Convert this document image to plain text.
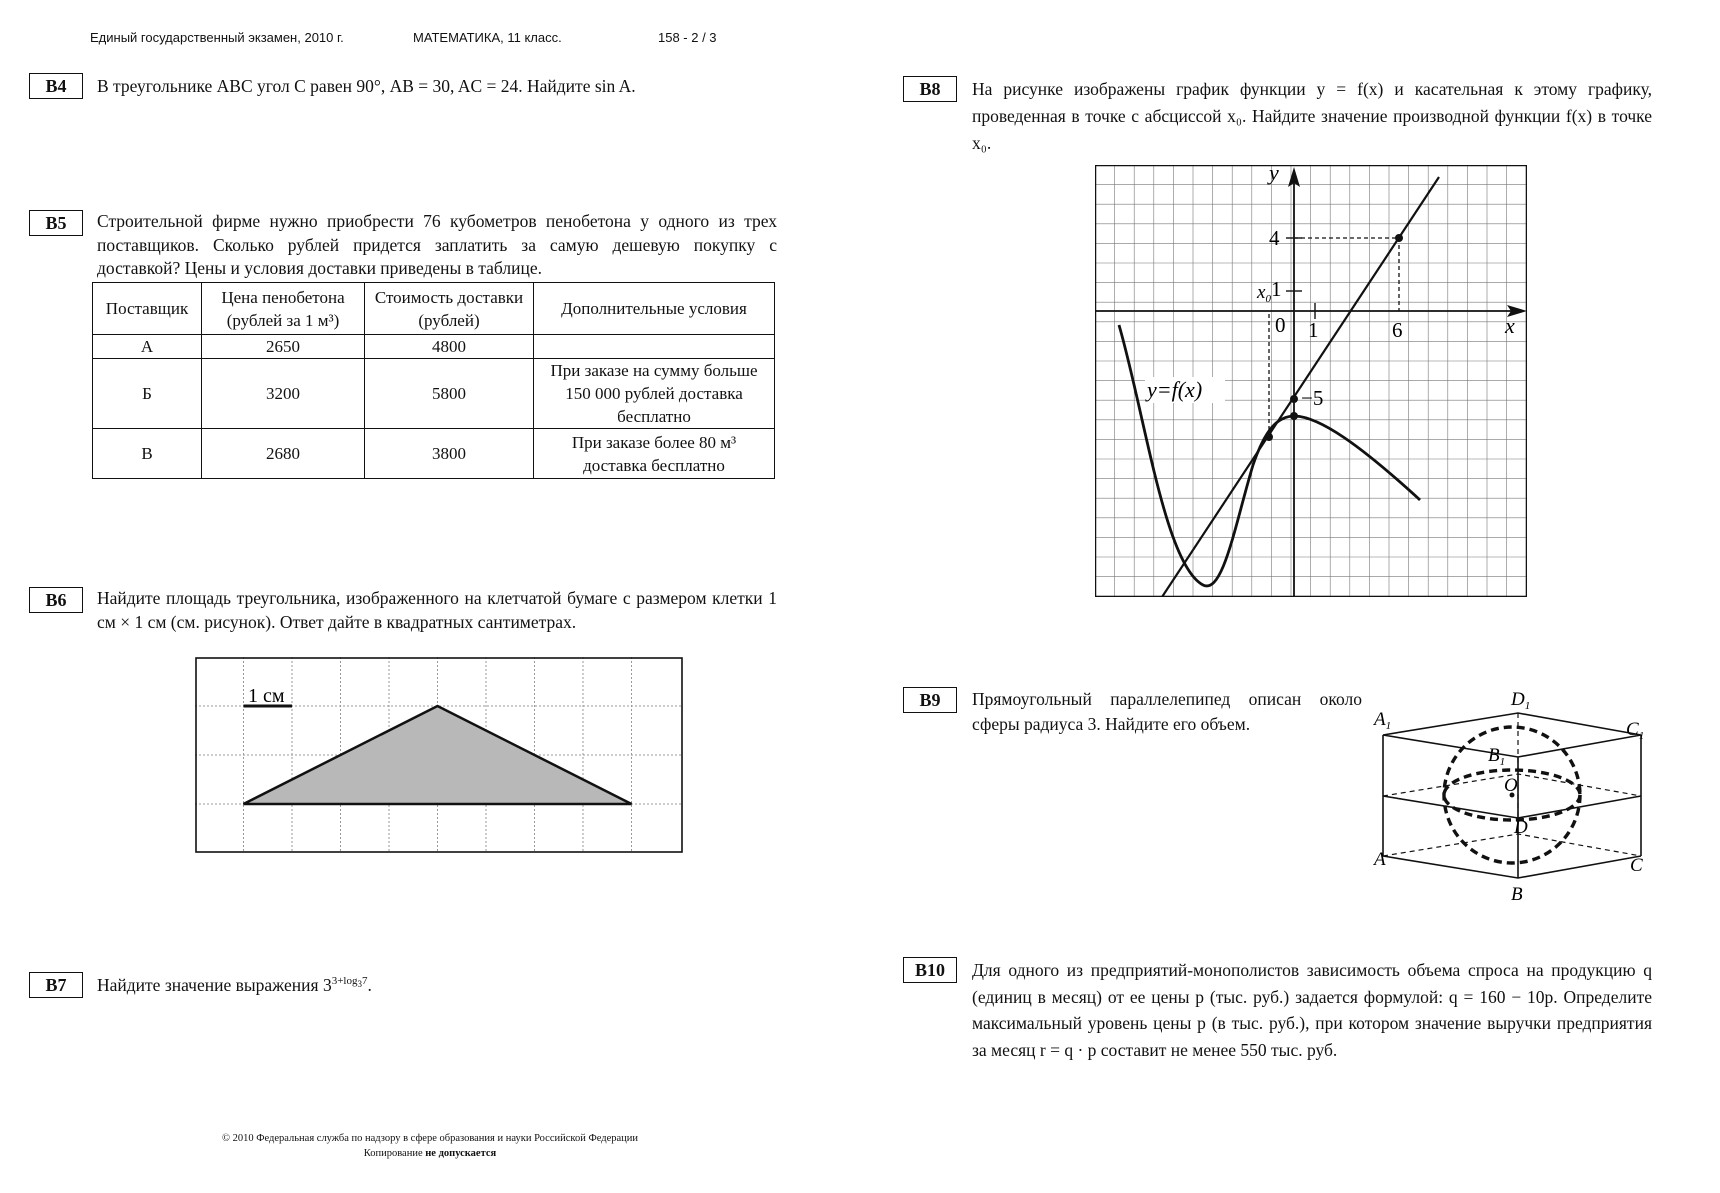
Единый государственный экзамен, 2010 г.	МАТЕМАТИКА, 11 класс.	158 - 2 / 3
B4	В треугольнике ABC угол C равен 90°, AB = 30, AC = 24. Найдите sin A.
B5	Строительной фирме нужно приобрести 76 кубометров пенобетона у одного из трех поставщиков. Сколько рублей придется заплатить за самую дешевую покупку с доставкой? Цены и условия доставки приведены в таблице.
Поставщик	Цена пенобетона (рублей за 1 м³)	Стоимость доставки (рублей)	Дополнительные условия
А	2650	4800	
Б	3200	5800	При заказе на сумму больше 150 000 рублей доставка бесплатно
В	2680	3800	При заказе более 80 м³ доставка бесплатно
B6	Найдите площадь треугольника, изображенного на клетчатой бумаге с размером клетки 1 см × 1 см (см. рисунок). Ответ дайте в квадратных сантиметрах.
1 см
B7	Найдите значение выражения $3^{3+log_37}$.
B8	На рисунке изображены график функции y = f(x) и касательная к этому графику, проведенная в точке с абсциссой x₀. Найдите значение производной функции f(x) в точке x₀.
y
x
0 1
1
$x_0$
4
6
−5
y=f(x)
B9	Прямоугольный параллелепипед описан около сферы радиуса 3. Найдите его объем.	$A_1$
$D_1$
$C_1$
$B_1$
O
D
A
B
C
B10	Для одного из предприятий-монополистов зависимость объема спроса на продукцию q (единиц в месяц) от ее цены p (тыс. руб.) задается формулой: q = 160 − 10p. Определите максимальный уровень цены p (в тыс. руб.), при котором значение выручки предприятия за месяц r = q · p составит не менее 550 тыс. руб.
© 2010 Федеральная служба по надзору в сфере образования и науки Российской Федерации
Копирование не допускается
